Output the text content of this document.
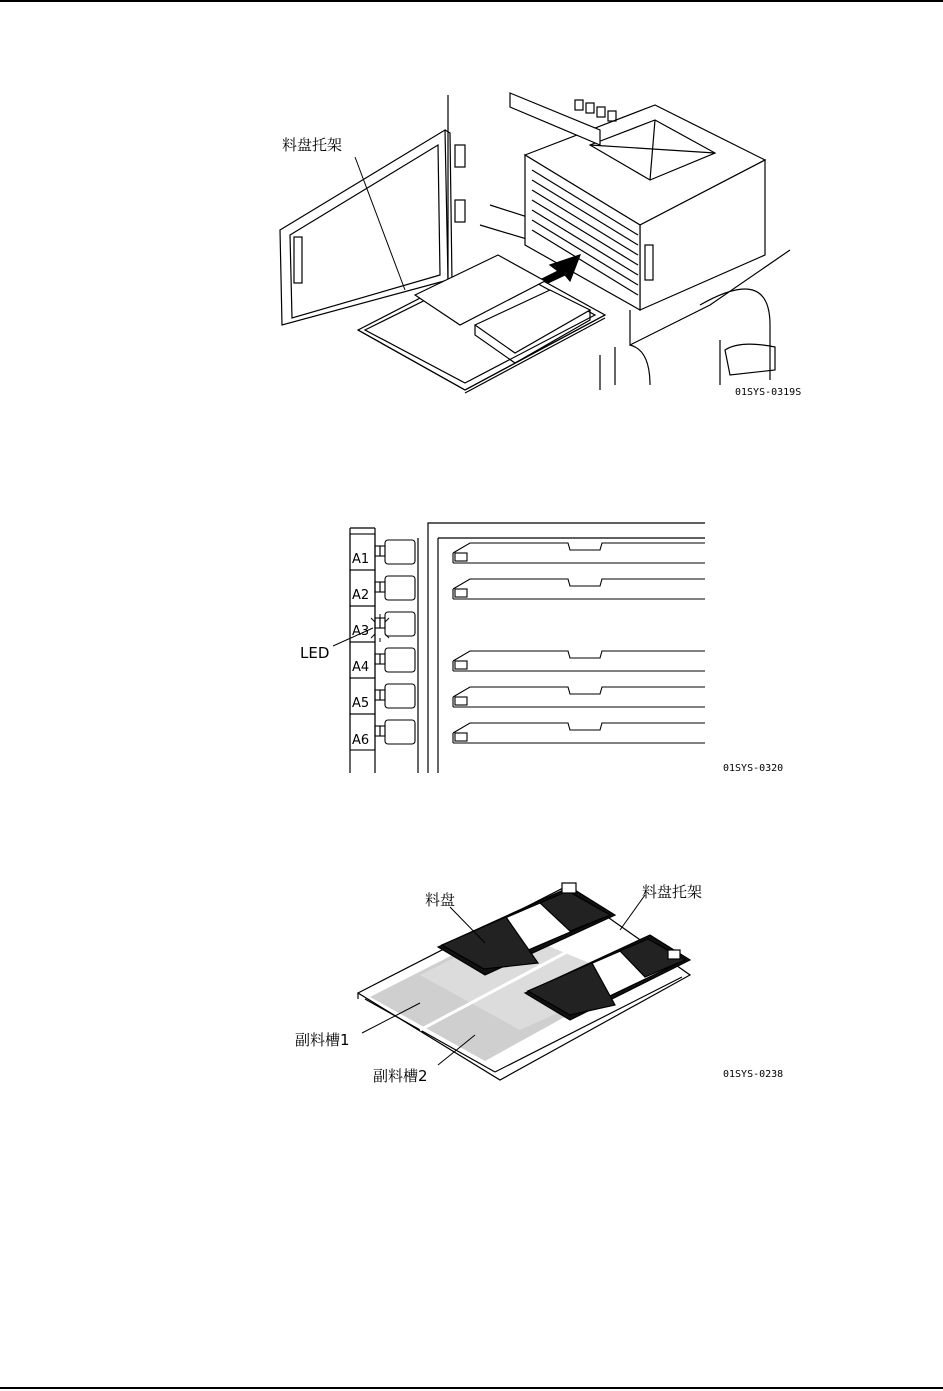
料盘托架
01SYS-0319S
A1
A2
A3
A4
A5
A6
LED
01SYS-0320
料盘	料盘托架
副料槽1
副料槽2	01SYS-0238
